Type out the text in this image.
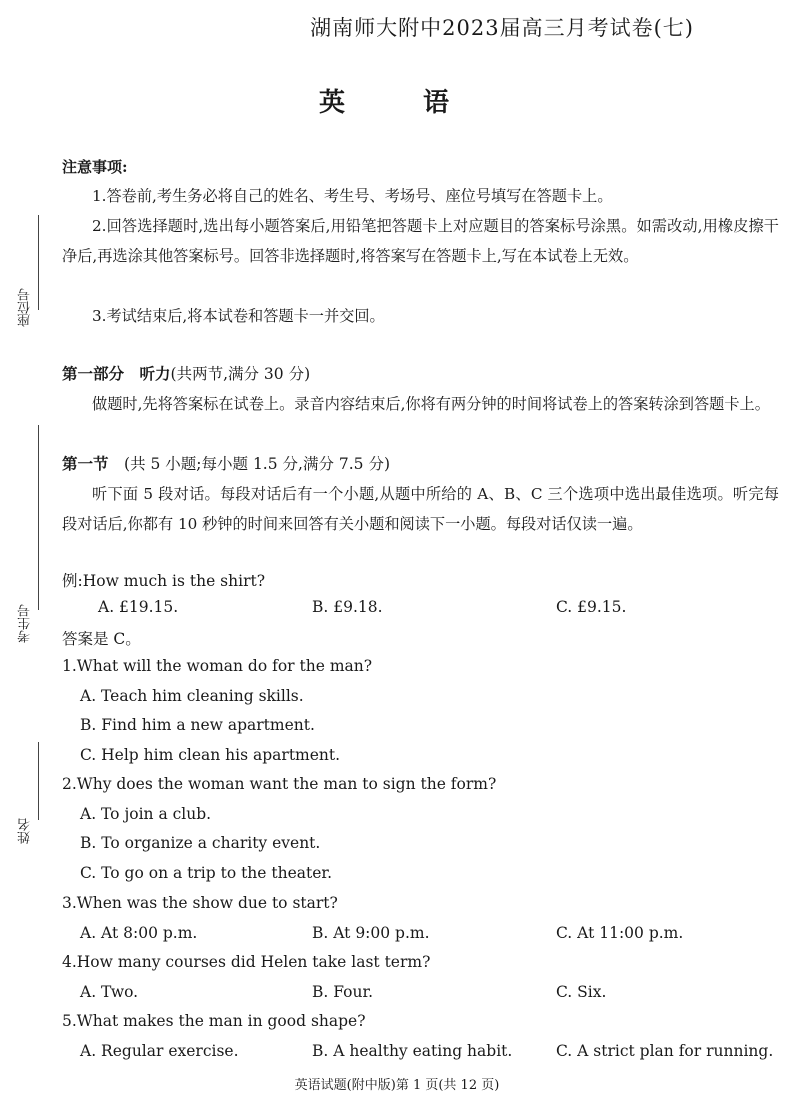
湖南师大附中2023届高三月考试卷(七)
英　语
座位号
考生号
姓名
注意事项:
1.答卷前,考生务必将自己的姓名、考生号、考场号、座位号填写在答题卡上。
2.回答选择题时,选出每小题答案后,用铅笔把答题卡上对应题目的答案标号涂黑。如需改动,用橡皮擦干净后,再选涂其他答案标号。回答非选择题时,将答案写在答题卡上,写在本试卷上无效。
3.考试结束后,将本试卷和答题卡一并交回。
第一部分　听力(共两节,满分 30 分)
做题时,先将答案标在试卷上。录音内容结束后,你将有两分钟的时间将试卷上的答案转涂到答题卡上。
第一节　 (共 5 小题;每小题 1.5 分,满分 7.5 分)
听下面 5 段对话。每段对话后有一个小题,从题中所给的 A、B、C 三个选项中选出最佳选项。听完每段对话后,你都有 10 秒钟的时间来回答有关小题和阅读下一小题。每段对话仅读一遍。
例:How much is the shirt?
A. £19.15.	B. £9.18.	C. £9.15.
答案是 C。
1.What will the woman do for the man?
A. Teach him cleaning skills.
B. Find him a new apartment.
C. Help him clean his apartment.
2.Why does the woman want the man to sign the form?
A. To join a club.
B. To organize a charity event.
C. To go on a trip to the theater.
3.When was the show due to start?
A. At 8:00 p.m.	B. At 9:00 p.m.	C. At 11:00 p.m.
4.How many courses did Helen take last term?
A. Two.	B. Four.	C. Six.
5.What makes the man in good shape?
A. Regular exercise.	B. A healthy eating habit.	C. A strict plan for running.
英语试题(附中版)第 1 页(共 12 页)
